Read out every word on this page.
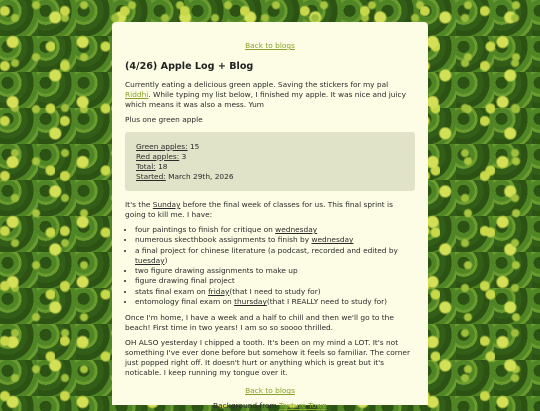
Back to blogs
(4/26) Apple Log + Blog

Currently eating a delicious green apple. Saving the stickers for my pal Riddhi. While typing my list below, I finished my apple. It was nice and juicy which means it was also a mess. Yum

Plus one green apple

Green apples: 15
Red apples: 3
Total: 18
Started: March 29th, 2026

It's the Sunday before the final week of classes for us. This final sprint is going to kill me. I have:

• four paintings to finish for critique on wednesday
• numerous skecthbook assignments to finish by wednesday
• a final project for chinese literature (a podcast, recorded and edited by tuesday)
• two figure drawing assignments to make up
• figure drawing final project
• stats final exam on friday(that I need to study for)
• entomology final exam on thursday(that I REALLY need to study for)

Once I'm home, I have a week and a half to chill and then we'll go to the beach! First time in two years! I am so so soooo thrilled.

OH ALSO yesterday I chipped a tooth. It's been on my mind a LOT. It's not something I've ever done before but somehow it feels so familiar. The corner just popped right off. It doesn't hurt or anything which is great but it's noticable. I keep running my tongue over it.

Back to blogs
Background from Texture Town
